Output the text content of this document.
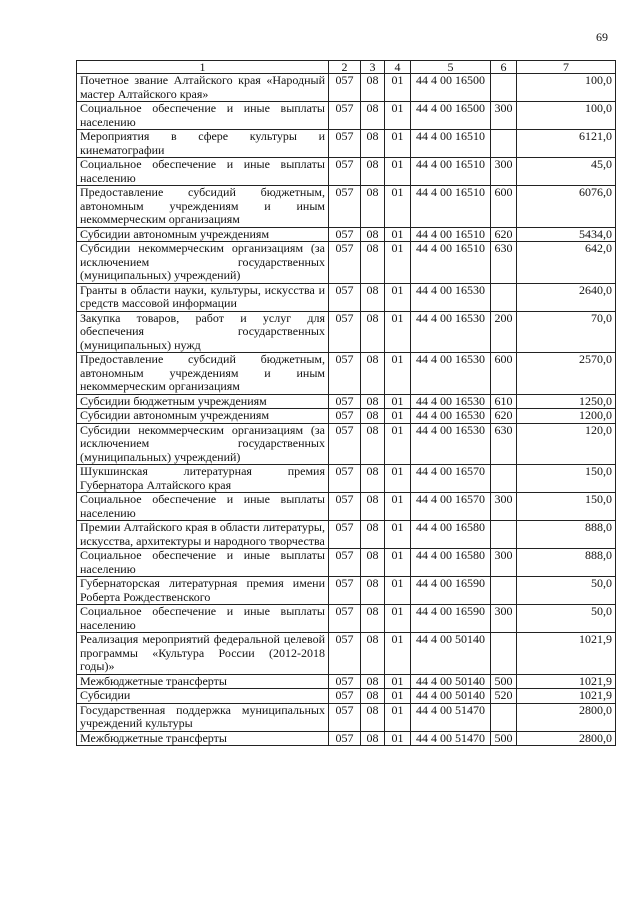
69
1	2	3	4	5	6	7
Почетное звание Алтайского края «Народный мастер Алтайского края»	057	08	01	44 4 00 16500		100,0
Социальное обеспечение и иные выплаты населению	057	08	01	44 4 00 16500	300	100,0
Мероприятия в сфере культуры и кинематографии	057	08	01	44 4 00 16510		6121,0
Социальное обеспечение и иные выплаты населению	057	08	01	44 4 00 16510	300	45,0
Предоставление субсидий бюджетным, автономным учреждениям и иным некоммерческим организациям	057	08	01	44 4 00 16510	600	6076,0
Субсидии автономным учреждениям	057	08	01	44 4 00 16510	620	5434,0
Субсидии некоммерческим организациям (за исключением государственных (муниципальных) учреждений)	057	08	01	44 4 00 16510	630	642,0
Гранты в области науки, культуры, искусства и средств массовой информации	057	08	01	44 4 00 16530		2640,0
Закупка товаров, работ и услуг для обеспечения государственных (муниципальных) нужд	057	08	01	44 4 00 16530	200	70,0
Предоставление субсидий бюджетным, автономным учреждениям и иным некоммерческим организациям	057	08	01	44 4 00 16530	600	2570,0
Субсидии бюджетным учреждениям	057	08	01	44 4 00 16530	610	1250,0
Субсидии автономным учреждениям	057	08	01	44 4 00 16530	620	1200,0
Субсидии некоммерческим организациям (за исключением государственных (муниципальных) учреждений)	057	08	01	44 4 00 16530	630	120,0
Шукшинская литературная премия Губернатора Алтайского края	057	08	01	44 4 00 16570		150,0
Социальное обеспечение и иные выплаты населению	057	08	01	44 4 00 16570	300	150,0
Премии Алтайского края в области литературы, искусства, архитектуры и народного творчества	057	08	01	44 4 00 16580		888,0
Социальное обеспечение и иные выплаты населению	057	08	01	44 4 00 16580	300	888,0
Губернаторская литературная премия имени Роберта Рождественского	057	08	01	44 4 00 16590		50,0
Социальное обеспечение и иные выплаты населению	057	08	01	44 4 00 16590	300	50,0
Реализация мероприятий федеральной целевой программы «Культура России (2012-2018 годы)»	057	08	01	44 4 00 50140		1021,9
Межбюджетные трансферты	057	08	01	44 4 00 50140	500	1021,9
Субсидии	057	08	01	44 4 00 50140	520	1021,9
Государственная поддержка муниципальных учреждений культуры	057	08	01	44 4 00 51470		2800,0
Межбюджетные трансферты	057	08	01	44 4 00 51470	500	2800,0
